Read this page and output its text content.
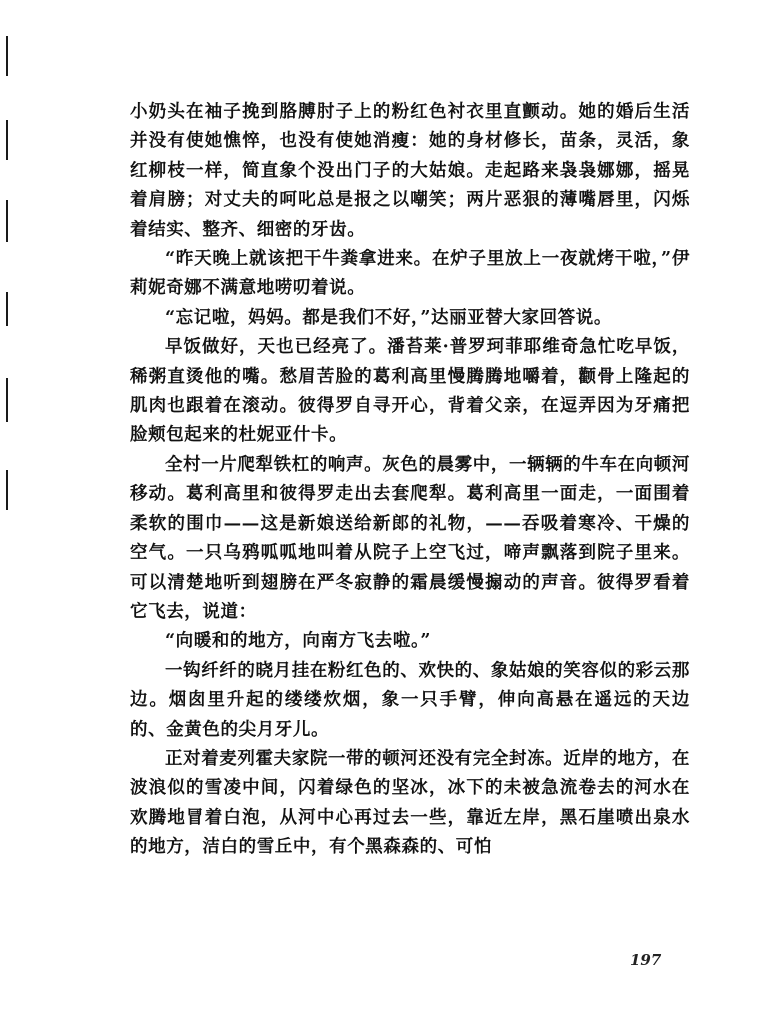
小奶头在袖子挽到胳膊肘子上的粉红色衬衣里直颤动。她的婚后生活并没有使她憔悴，也没有使她消瘦：她的身材修长，苗条，灵活，象红柳枝一样，简直象个没出门子的大姑娘。走起路来袅袅娜娜，摇晃着肩膀；对丈夫的呵叱总是报之以嘲笑；两片恶狠的薄嘴唇里，闪烁着结实、整齐、细密的牙齿。

“昨天晚上就该把干牛粪拿进来。在炉子里放上一夜就烤干啦，”伊莉妮奇娜不满意地唠叨着说。

“忘记啦，妈妈。都是我们不好，”达丽亚替大家回答说。

早饭做好，天也已经亮了。潘苔莱·普罗珂菲耶维奇急忙吃早饭，稀粥直烫他的嘴。愁眉苦脸的葛利高里慢腾腾地嚼着，颧骨上隆起的肌肉也跟着在滚动。彼得罗自寻开心，背着父亲，在逗弄因为牙痛把脸颊包起来的杜妮亚什卡。

全村一片爬犁铁杠的响声。灰色的晨雾中，一辆辆的牛车在向顿河移动。葛利高里和彼得罗走出去套爬犁。葛利高里一面走，一面围着柔软的围巾——这是新娘送给新郎的礼物，——吞吸着寒冷、干燥的空气。一只乌鸦呱呱地叫着从院子上空飞过，啼声飘落到院子里来。可以清楚地听到翅膀在严冬寂静的霜晨缓慢搧动的声音。彼得罗看着它飞去，说道：

“向暖和的地方，向南方飞去啦。”

一钩纤纤的晓月挂在粉红色的、欢快的、象姑娘的笑容似的彩云那边。烟囱里升起的缕缕炊烟，象一只手臂，伸向高悬在遥远的天边的、金黄色的尖月牙儿。

正对着麦列霍夫家院一带的顿河还没有完全封冻。近岸的地方，在波浪似的雪凌中间，闪着绿色的坚冰，冰下的未被急流卷去的河水在欢腾地冒着白泡，从河中心再过去一些，靠近左岸，黑石崖喷出泉水的地方，洁白的雪丘中，有个黑森森的、可怕

197
